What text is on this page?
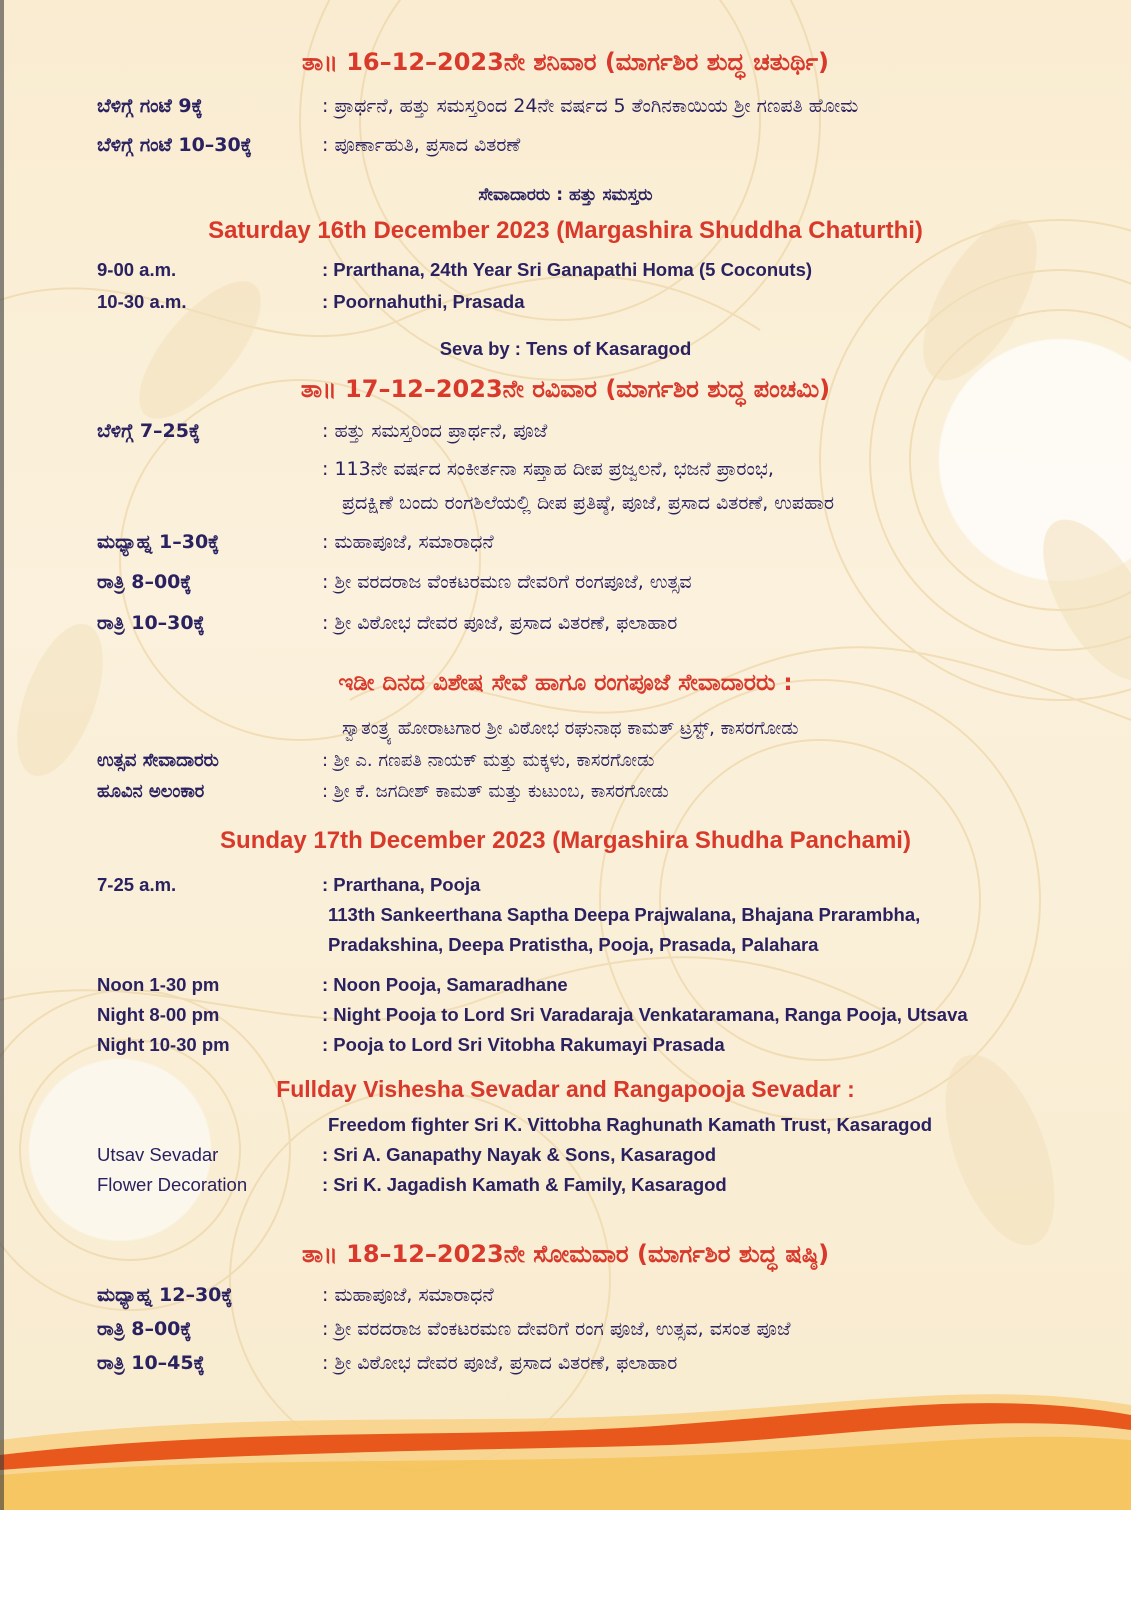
ತಾ॥ 16–12–2023ನೇ ಶನಿವಾರ (ಮಾರ್ಗಶಿರ ಶುದ್ಧ ಚತುರ್ಥಿ)
ಬೆಳಿಗ್ಗೆ ಗಂಟೆ 9ಕ್ಕೆ	: ಪ್ರಾರ್ಥನೆ, ಹತ್ತು ಸಮಸ್ತರಿಂದ 24ನೇ ವರ್ಷದ 5 ತೆಂಗಿನಕಾಯಿಯ ಶ್ರೀ ಗಣಪತಿ ಹೋಮ
ಬೆಳಿಗ್ಗೆ ಗಂಟೆ 10–30ಕ್ಕೆ	: ಪೂರ್ಣಾಹುತಿ, ಪ್ರಸಾದ ವಿತರಣೆ
ಸೇವಾದಾರರು : ಹತ್ತು ಸಮಸ್ತರು
Saturday 16th December 2023 (Margashira Shuddha Chaturthi)
9-00 a.m.	: Prarthana, 24th Year Sri Ganapathi Homa (5 Coconuts)
10-30 a.m.	: Poornahuthi, Prasada
Seva by : Tens of Kasaragod
ತಾ॥ 17–12–2023ನೇ ರವಿವಾರ (ಮಾರ್ಗಶಿರ ಶುದ್ಧ ಪಂಚಮಿ)
ಬೆಳಿಗ್ಗೆ 7–25ಕ್ಕೆ	: ಹತ್ತು ಸಮಸ್ತರಿಂದ ಪ್ರಾರ್ಥನೆ, ಪೂಜೆ
: 113ನೇ ವರ್ಷದ ಸಂಕೀರ್ತನಾ ಸಪ್ತಾಹ ದೀಪ ಪ್ರಜ್ವಲನೆ, ಭಜನೆ ಪ್ರಾರಂಭ,
ಪ್ರದಕ್ಷಿಣೆ ಬಂದು ರಂಗಶಿಲೆಯಲ್ಲಿ ದೀಪ ಪ್ರತಿಷ್ಠೆ, ಪೂಜೆ, ಪ್ರಸಾದ ವಿತರಣೆ, ಉಪಹಾರ
ಮಧ್ಯಾಹ್ನ 1–30ಕ್ಕೆ	: ಮಹಾಪೂಜೆ, ಸಮಾರಾಧನೆ
ರಾತ್ರಿ 8–00ಕ್ಕೆ	: ಶ್ರೀ ವರದರಾಜ ವೆಂಕಟರಮಣ ದೇವರಿಗೆ ರಂಗಪೂಜೆ, ಉತ್ಸವ
ರಾತ್ರಿ 10–30ಕ್ಕೆ	: ಶ್ರೀ ವಿಠೋಭ ದೇವರ ಪೂಜೆ, ಪ್ರಸಾದ ವಿತರಣೆ, ಫಲಾಹಾರ
ಇಡೀ ದಿನದ ವಿಶೇಷ ಸೇವೆ ಹಾಗೂ ರಂಗಪೂಜೆ ಸೇವಾದಾರರು :
ಸ್ವಾತಂತ್ರ್ಯ ಹೋರಾಟಗಾರ ಶ್ರೀ ವಿಠೋಭ ರಘುನಾಥ ಕಾಮತ್ ಟ್ರಸ್ಟ್, ಕಾಸರಗೋಡು
ಉತ್ಸವ ಸೇವಾದಾರರು	: ಶ್ರೀ ಎ. ಗಣಪತಿ ನಾಯಕ್ ಮತ್ತು ಮಕ್ಕಳು, ಕಾಸರಗೋಡು
ಹೂವಿನ ಅಲಂಕಾರ	: ಶ್ರೀ ಕೆ. ಜಗದೀಶ್ ಕಾಮತ್ ಮತ್ತು ಕುಟುಂಬ, ಕಾಸರಗೋಡು
Sunday 17th December 2023 (Margashira Shudha Panchami)
7-25 a.m.	: Prarthana, Pooja
113th Sankeerthana Saptha Deepa Prajwalana, Bhajana Prarambha,
Pradakshina, Deepa Pratistha, Pooja, Prasada, Palahara
Noon 1-30 pm	: Noon Pooja, Samaradhane
Night 8-00 pm	: Night Pooja to Lord Sri Varadaraja Venkataramana, Ranga Pooja, Utsava
Night 10-30 pm	: Pooja to Lord Sri Vitobha Rakumayi Prasada
Fullday Vishesha Sevadar and Rangapooja Sevadar :
Freedom fighter Sri K. Vittobha Raghunath Kamath Trust, Kasaragod
Utsav Sevadar	: Sri A. Ganapathy Nayak & Sons, Kasaragod
Flower Decoration	: Sri K. Jagadish Kamath & Family, Kasaragod
ತಾ॥ 18–12–2023ನೇ ಸೋಮವಾರ (ಮಾರ್ಗಶಿರ ಶುದ್ಧ ಷಷ್ಠಿ)
ಮಧ್ಯಾಹ್ನ 12–30ಕ್ಕೆ	: ಮಹಾಪೂಜೆ, ಸಮಾರಾಧನೆ
ರಾತ್ರಿ 8–00ಕ್ಕೆ	: ಶ್ರೀ ವರದರಾಜ ವೆಂಕಟರಮಣ ದೇವರಿಗೆ ರಂಗ ಪೂಜೆ, ಉತ್ಸವ, ವಸಂತ ಪೂಜೆ
ರಾತ್ರಿ 10–45ಕ್ಕೆ	: ಶ್ರೀ ವಿಠೋಭ ದೇವರ ಪೂಜೆ, ಪ್ರಸಾದ ವಿತರಣೆ, ಫಲಾಹಾರ
